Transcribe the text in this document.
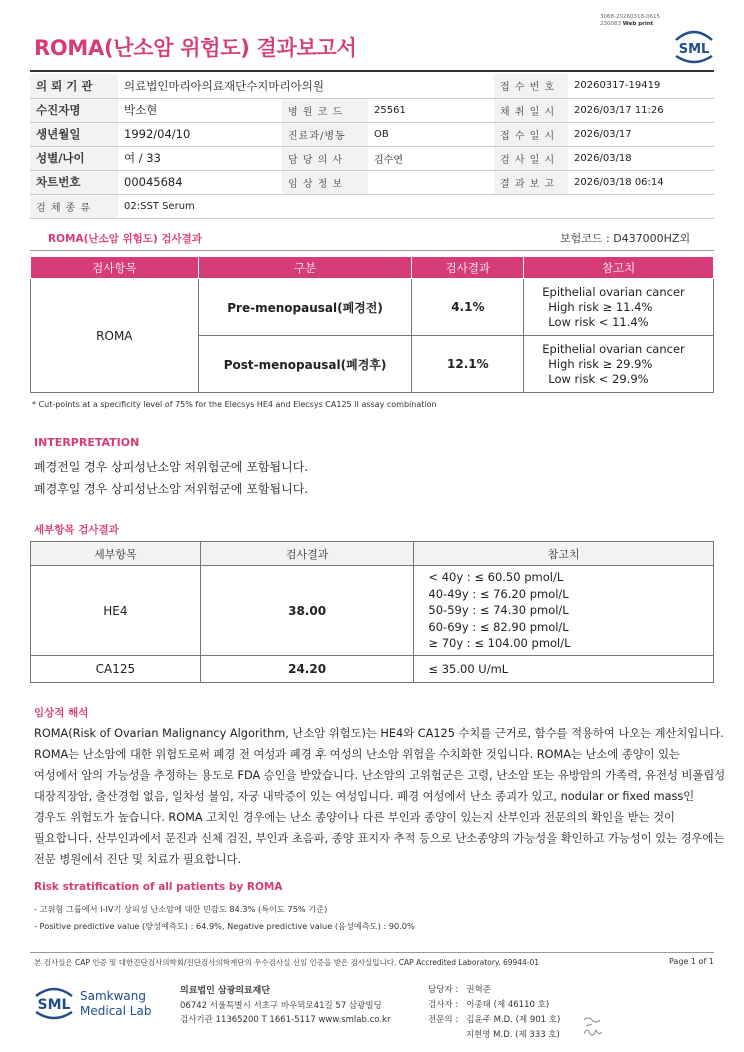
3068-20260318-0615
230083 Web print
ROMA(난소암 위험도) 결과보고서	SML
의 뢰 기 관	의료법인마리아의료재단수지마리아의원			접 수 번 호	20260317-19419
수진자명	박소현	병 원 코 드	25561	채 취 일 시	2026/03/17 11:26
생년월일	1992/04/10	진료과/병동	OB	접 수 일 시	2026/03/17
성별/나이	여 / 33	담 당 의 사	김수연	검 사 일 시	2026/03/18
차트번호	00045684	임 상 정 보		결 과 보 고	2026/03/18 06:14
검 체 종 류	02:SST Serum				
ROMA(난소암 위험도) 검사결과	보험코드 : D437000HZ외
검사항목	구분	검사결과	참고치
ROMA	Pre-menopausal(폐경전)	4.1%	Epithelial ovarian cancer
High risk ≥ 11.4%
Low risk < 11.4%

	Post-menopausal(폐경후)	12.1%	Epithelial ovarian cancer
High risk ≥ 29.9%
Low risk < 29.9%
* Cut-points at a specificity level of 75% for the Elecsys HE4 and Elecsys CA125 II assay combination
INTERPRETATION
폐경전일 경우 상피성난소암 저위험군에 포함됩니다.
폐경후일 경우 상피성난소암 저위험군에 포함됩니다.
세부항목 검사결과
세부항목	검사결과	참고치
HE4	38.00	< 40y : ≤ 60.50 pmol/L
40-49y : ≤ 76.20 pmol/L
50-59y : ≤ 74.30 pmol/L
60-69y : ≤ 82.90 pmol/L
≥ 70y : ≤ 104.00 pmol/L

CA125	24.20	≤ 35.00 U/mL
임상적 해석
ROMA(Risk of Ovarian Malignancy Algorithm, 난소암 위험도)는 HE4와 CA125 수치를 근거로, 함수를 적용하여 나오는 계산치입니다.
ROMA는 난소암에 대한 위험도로써 폐경 전 여성과 폐경 후 여성의 난소암 위험을 수치화한 것입니다. ROMA는 난소에 종양이 있는
여성에서 암의 가능성을 추정하는 용도로 FDA 승인을 받았습니다. 난소암의 고위험군은 고령, 난소암 또는 유방암의 가족력, 유전성 비폴립성
대장직장암, 출산경험 없음, 일차성 불임, 자궁 내막증이 있는 여성입니다. 폐경 여성에서 난소 종괴가 있고, nodular or fixed mass인
경우도 위험도가 높습니다. ROMA 고치인 경우에는 난소 종양이나 다른 부인과 종양이 있는지 산부인과 전문의의 확인을 받는 것이
필요합니다. 산부인과에서 문진과 신체 검진, 부인과 초음파, 종양 표지자 추적 등으로 난소종양의 가능성을 확인하고 가능성이 있는 경우에는
전문 병원에서 진단 및 치료가 필요합니다.
Risk stratification of all patients by ROMA
- 고위험 그룹에서 I-IV기 상피성 난소암에 대한 민감도 84.3% (특이도 75% 기준)
- Positive predictive value (양성예측도) : 64.9%, Negative predictive value (음성예측도) : 90.0%
본 검사실은 CAP 인증 및 대한진단검사의학회/진단검사의학재단의 우수검사실 신임 인증을 받은 검사실입니다. CAP Accredited Laboratory. 69944-01	Page 1 of 1
SML
Samkwang
Medical Lab
의료법인 삼광의료재단
06742 서울특별시 서초구 바우뫼로41길 57 삼광빌딩
검사기관 11365200 T 1661-5117 www.smlab.co.kr
담당자 :   권혁준
검사자 :   이종태 (제 46110 호)
전문의 :   김윤주 M.D. (제 901 호)
지현영 M.D. (제 333 호)
